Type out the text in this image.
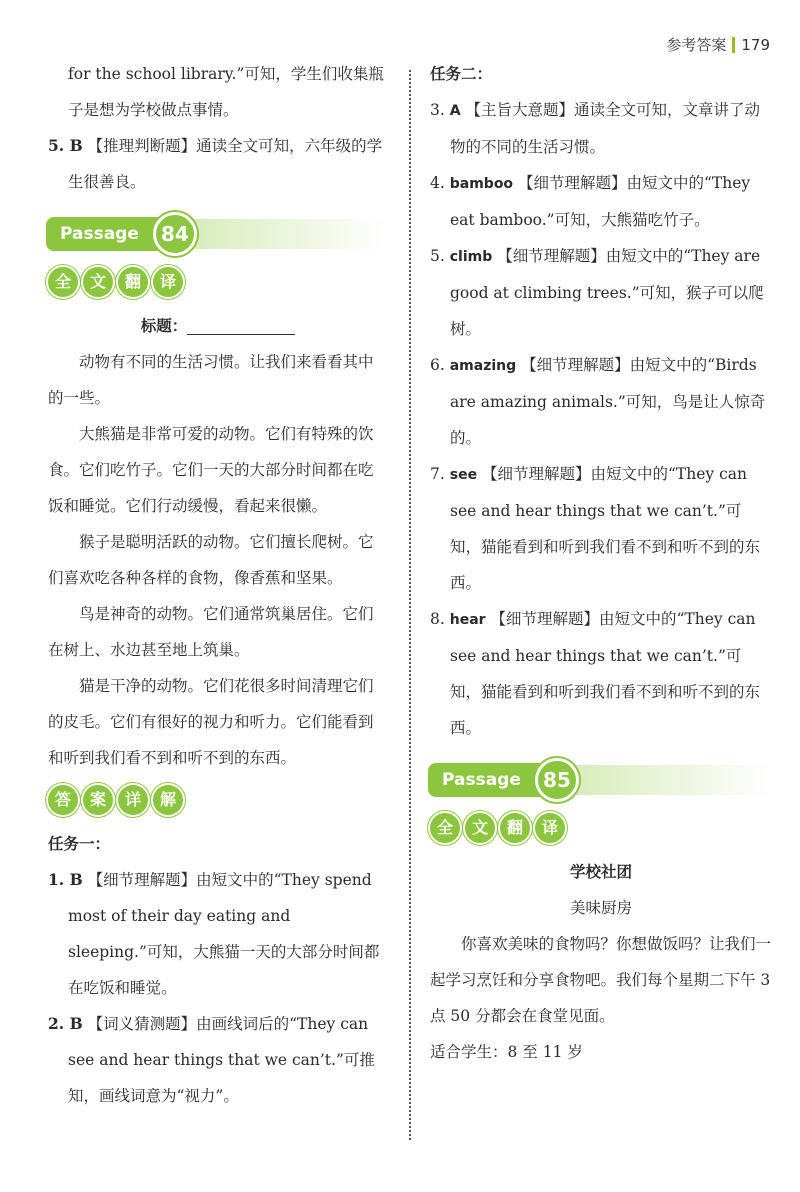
参考答案 179

for the school library.”可知，学生们收集瓶

子是想为学校做点事情。

5. B 【推理判断题】通读全文可知，六年级的学生很善良。

Passage	84
全	文	翻	译

标题：

动物有不同的生活习惯。让我们来看看其中的一些。

大熊猫是非常可爱的动物。它们有特殊的饮食。它们吃竹子。它们一天的大部分时间都在吃饭和睡觉。它们行动缓慢，看起来很懒。

猴子是聪明活跃的动物。它们擅长爬树。它们喜欢吃各种各样的食物，像香蕉和坚果。

鸟是神奇的动物。它们通常筑巢居住。它们在树上、水边甚至地上筑巢。

猫是干净的动物。它们花很多时间清理它们的皮毛。它们有很好的视力和听力。它们能看到和听到我们看不到和听不到的东西。

答	案	详	解

任务一：

1. B 【细节理解题】由短文中的“They spend most of their day eating and sleeping.”可知，大熊猫一天的大部分时间都在吃饭和睡觉。

2. B 【词义猜测题】由画线词后的“They can see and hear things that we can’t.”可推知，画线词意为“视力”。

任务二：

3. A 【主旨大意题】通读全文可知，文章讲了动物的不同的生活习惯。

4. bamboo 【细节理解题】由短文中的“They eat bamboo.”可知，大熊猫吃竹子。

5. climb 【细节理解题】由短文中的“They are good at climbing trees.”可知，猴子可以爬树。

6. amazing 【细节理解题】由短文中的“Birds are amazing animals.”可知，鸟是让人惊奇的。

7. see 【细节理解题】由短文中的“They can see and hear things that we can’t.”可知，猫能看到和听到我们看不到和听不到的东西。

8. hear 【细节理解题】由短文中的“They can see and hear things that we can’t.”可知，猫能看到和听到我们看不到和听不到的东西。

Passage	85
全	文	翻	译

学校社团

美味厨房

你喜欢美味的食物吗？你想做饭吗？让我们一起学习烹饪和分享食物吧。我们每个星期二下午 3 点 50 分都会在食堂见面。

适合学生：8 至 11 岁
